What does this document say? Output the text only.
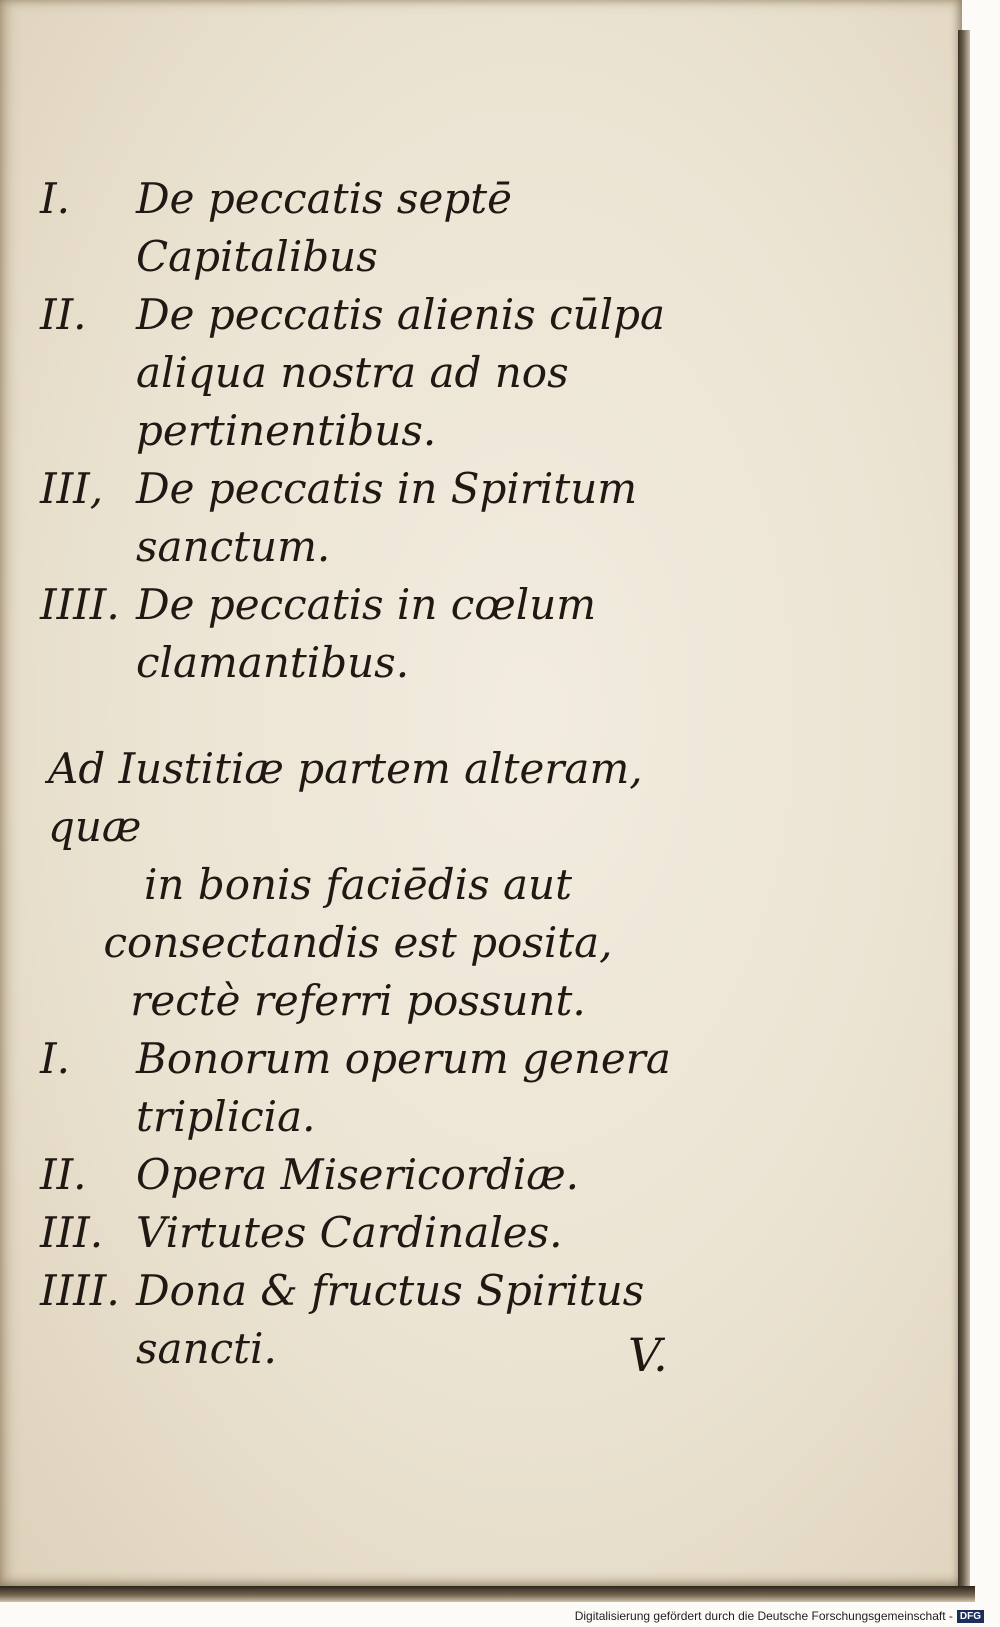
I.	De peccatis septē Capitalibus
II.	De peccatis alienis cūlpa aliqua nostra ad nos pertinentibus.
III, De peccatis in Spiritum sanctum.
IIII. De peccatis in cœlum clamantibus.
Ad Iustitiæ partem alteram, quæ
in bonis faciēdis aut consectandis est posita, rectè referri possunt.
I.	Bonorum operum genera triplicia.
II.	Opera Misericordiæ.
III. Virtutes Cardinales.
IIII. Dona & fructus Spiritus sancti.	V.
Digitalisierung gefördert durch die Deutsche Forschungsgemeinschaft - DFG
